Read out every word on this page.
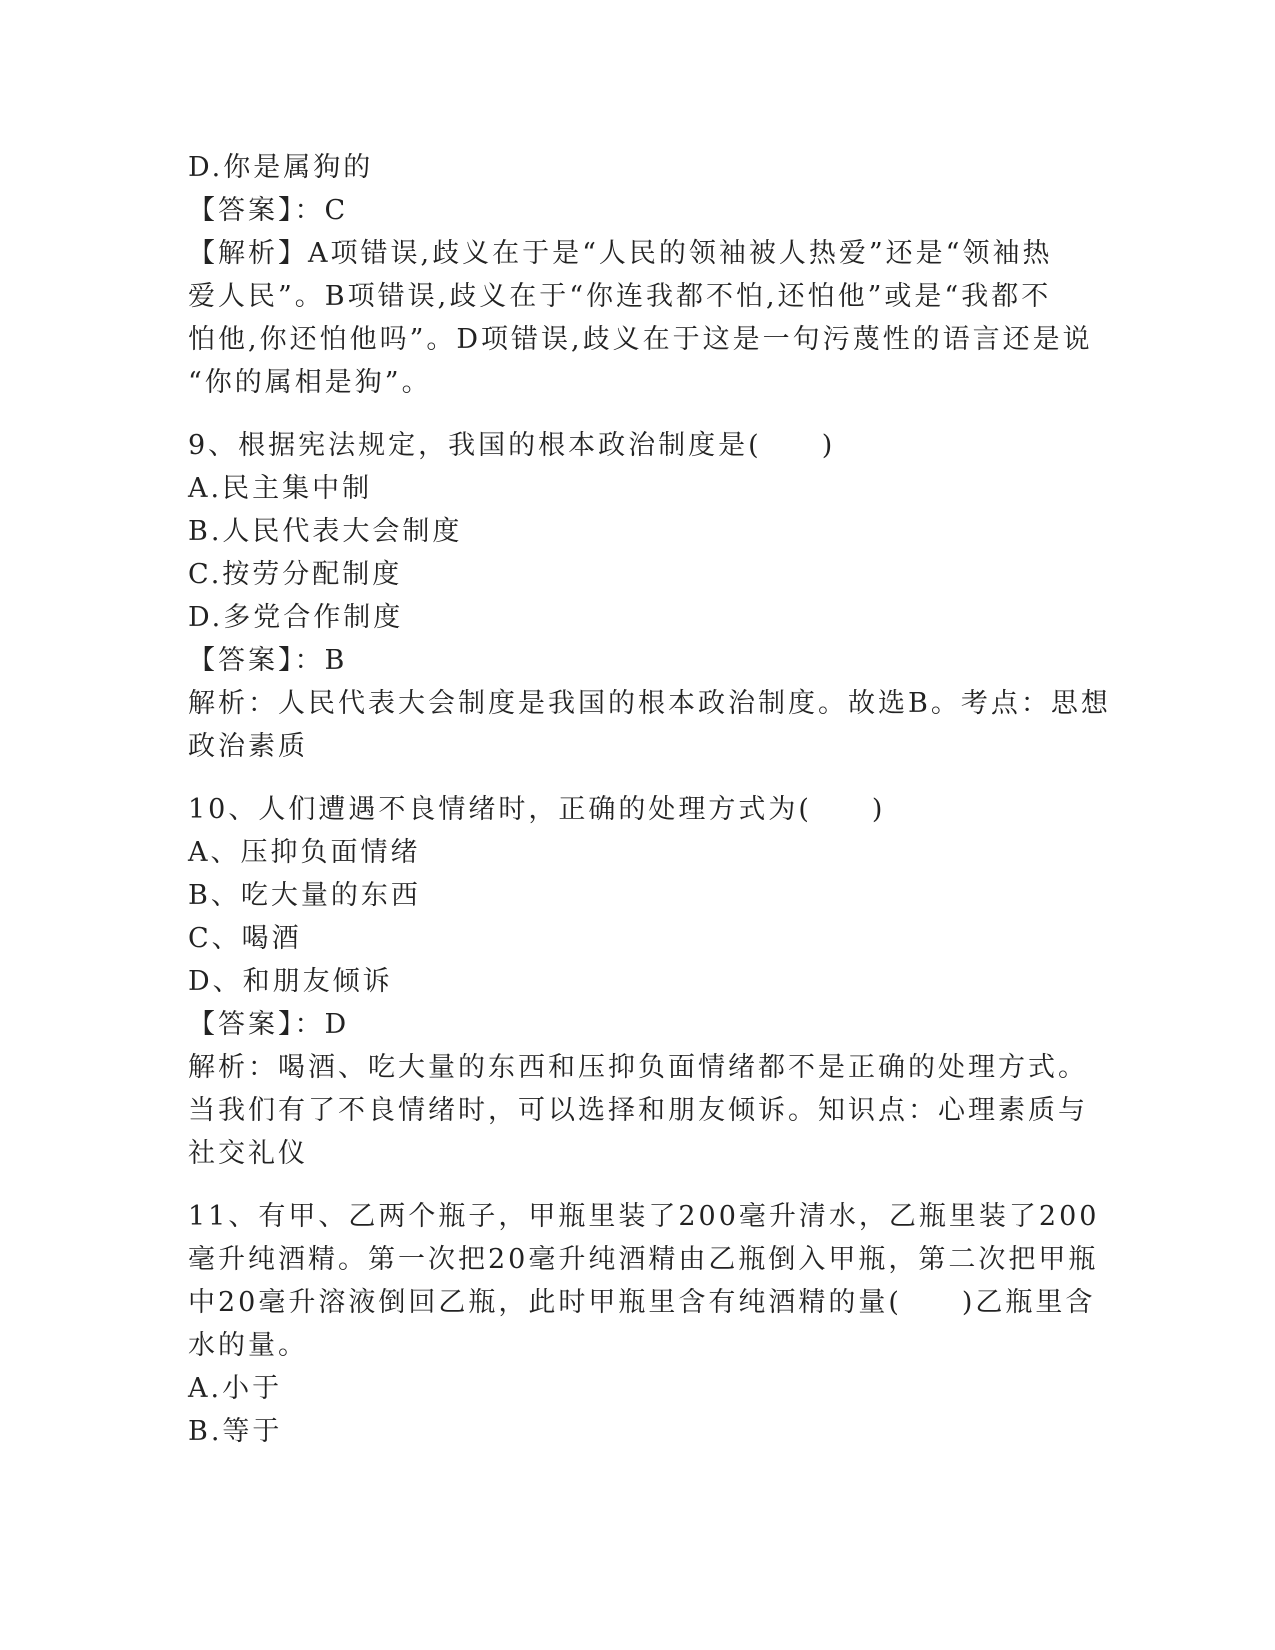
D.你是属狗的
【答案】：C
【解析】A项错误,歧义在于是“人民的领袖被人热爱”还是“领袖热
爱人民”。B项错误,歧义在于“你连我都不怕,还怕他”或是“我都不
怕他,你还怕他吗”。D项错误,歧义在于这是一句污蔑性的语言还是说
“你的属相是狗”。
9、根据宪法规定，我国的根本政治制度是(　　)
A.民主集中制
B.人民代表大会制度
C.按劳分配制度
D.多党合作制度
【答案】：B
解析：人民代表大会制度是我国的根本政治制度。故选B。考点：思想
政治素质
10、人们遭遇不良情绪时，正确的处理方式为(　　)
A、压抑负面情绪
B、吃大量的东西
C、喝酒
D、和朋友倾诉
【答案】：D
解析：喝酒、吃大量的东西和压抑负面情绪都不是正确的处理方式。
当我们有了不良情绪时，可以选择和朋友倾诉。知识点：心理素质与
社交礼仪
11、有甲、乙两个瓶子，甲瓶里装了200毫升清水，乙瓶里装了200
毫升纯酒精。第一次把20毫升纯酒精由乙瓶倒入甲瓶，第二次把甲瓶
中20毫升溶液倒回乙瓶，此时甲瓶里含有纯酒精的量(　　)乙瓶里含
水的量。
A.小于
B.等于
